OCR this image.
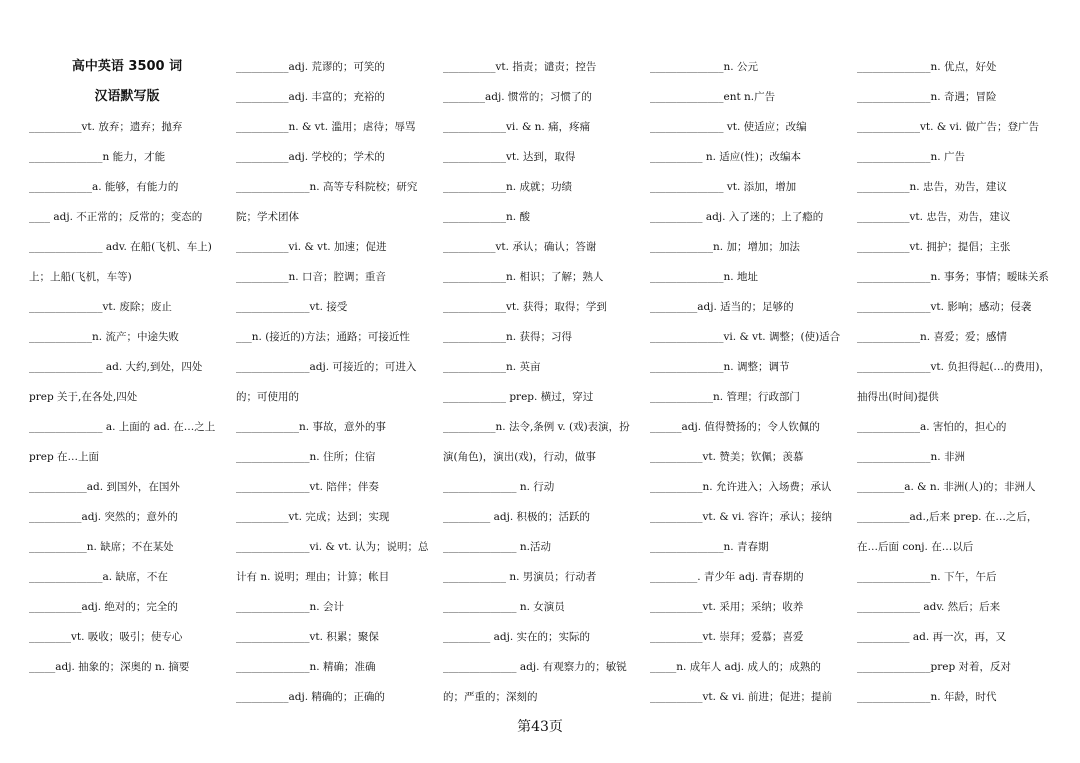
高中英语 3500 词
汉语默写版
__________vt. 放弃；遗弃；抛弃
______________n 能力，才能
____________a. 能够，有能力的
____ adj. 不正常的；反常的；变态的
______________ adv. 在船(飞机、车上)上；上船(飞机，车等)
______________vt. 废除；废止
____________n. 流产；中途失败
______________ ad. 大约,到处，四处 prep 关于,在各处,四处
______________ a. 上面的 ad. 在…之上 prep 在…上面
___________ad. 到国外，在国外
__________adj. 突然的；意外的
___________n. 缺席；不在某处
______________a. 缺席，不在
__________adj. 绝对的；完全的
________vt. 吸收；吸引；使专心
_____adj. 抽象的；深奥的 n. 摘要
__________adj. 荒谬的；可笑的
__________adj. 丰富的；充裕的
__________n. & vt. 滥用；虐待；辱骂
__________adj. 学校的；学术的
______________n. 高等专科院校；研究院；学术团体
__________vi. & vt. 加速；促进
__________n. 口音；腔调；重音
______________vt. 接受
___n. (接近的)方法；通路；可接近性
______________adj. 可接近的；可进入的；可使用的
____________n. 事故，意外的事
______________n. 住所；住宿
______________vt. 陪伴；伴奏
__________vt. 完成；达到；实现
______________vi. & vt. 认为；说明；总计有 n. 说明；理由；计算；帐目
______________n. 会计
______________vt. 积累；聚保
______________n. 精确；准确
__________adj. 精确的；正确的
__________vt. 指责；谴责；控告
________adj. 惯常的；习惯了的
____________vi. & n. 痛，疼痛
____________vt. 达到，取得
____________n. 成就；功绩
____________n. 酸
__________vt. 承认；确认；答谢
____________n. 相识；了解；熟人
____________vt. 获得；取得；学到
____________n. 获得；习得
____________n. 英亩
____________ prep. 横过，穿过
__________n. 法令,条例 v. (戏)表演，扮演(角色)，演出(戏)，行动，做事
______________ n. 行动
_________ adj. 积极的；活跃的
______________ n.活动
____________ n. 男演员；行动者
______________ n. 女演员
_________ adj. 实在的；实际的
______________ adj. 有观察力的；敏锐的；严重的；深刻的
______________n. 公元
______________ent n.广告
______________ vt. 使适应；改编
__________ n. 适应(性)；改编本
______________ vt. 添加，增加
__________ adj. 入了迷的；上了瘾的
____________n. 加；增加；加法
______________n. 地址
_________adj. 适当的；足够的
______________vi. & vt. 调整；(使)适合
______________n. 调整；调节
____________n. 管理；行政部门
______adj. 值得赞扬的；令人钦佩的
__________vt. 赞美；钦佩；羡慕
__________n. 允许进入；入场费；承认
__________vt. & vi. 容许；承认；接纳
______________n. 青春期
_________. 青少年 adj. 青春期的
__________vt. 采用；采纳；收养
__________vt. 崇拜；爱慕；喜爱
_____n. 成年人 adj. 成人的；成熟的
__________vt. & vi. 前进；促进；提前
______________n. 优点，好处
______________n. 奇遇；冒险
____________vt. & vi. 做广告；登广告
______________n. 广告
__________n. 忠告，劝告，建议
__________vt. 忠告，劝告，建议
__________vt. 拥护；提倡；主张
______________n. 事务；事情；暧昧关系
______________vt. 影响；感动；侵袭
____________n. 喜爱；爱；感情
______________vt. 负担得起(…的费用)，抽得出(时间)提供
____________a. 害怕的，担心的
______________n. 非洲
_________a. & n. 非洲(人)的；非洲人
__________ad.,后来 prep. 在…之后，在…后面 conj. 在…以后
______________n. 下午，午后
____________ adv. 然后；后来
__________ ad. 再一次，再，又
______________prep 对着，反对
______________n. 年龄，时代
第43页
